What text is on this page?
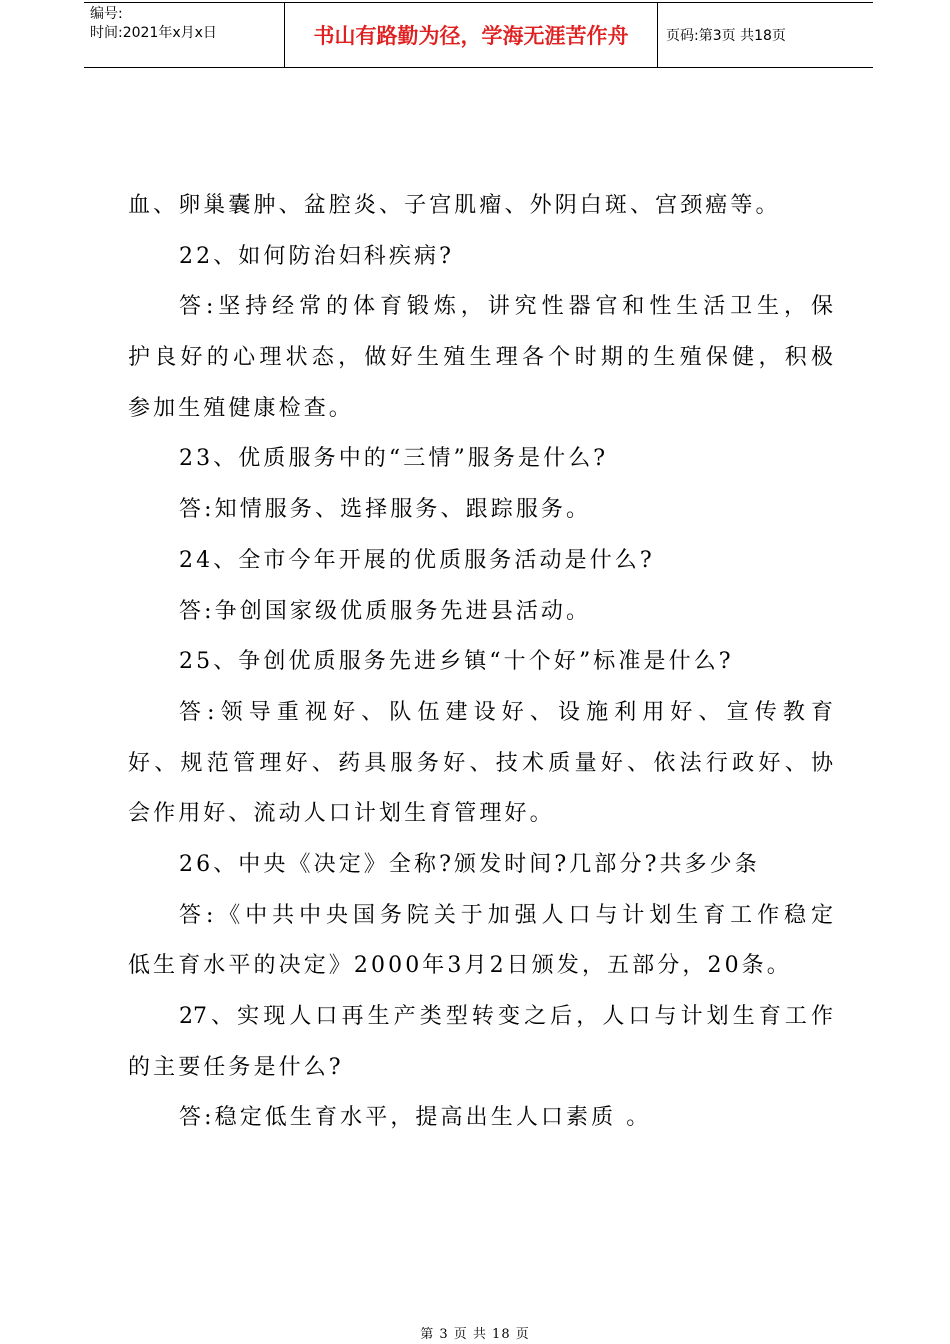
编号:
时间:2021年x月x日	书山有路勤为径，学海无涯苦作舟	页码:第3页 共18页
血、卵巢囊肿、盆腔炎、子宫肌瘤、外阴白斑、宫颈癌等。
22、如何防治妇科疾病?
答:坚持经常的体育锻炼，讲究性器官和性生活卫生，保
护良好的心理状态，做好生殖生理各个时期的生殖保健，积极
参加生殖健康检查。
23、优质服务中的“三情”服务是什么?
答:知情服务、选择服务、跟踪服务。
24、全市今年开展的优质服务活动是什么?
答:争创国家级优质服务先进县活动。
25、争创优质服务先进乡镇“十个好”标准是什么?
答:领导重视好、队伍建设好、设施利用好、宣传教育
好、规范管理好、药具服务好、技术质量好、依法行政好、协
会作用好、流动人口计划生育管理好。
26、中央《决定》全称?颁发时间?几部分?共多少条
答:《中共中央国务院关于加强人口与计划生育工作稳定
低生育水平的决定》2000年3月2日颁发，五部分，20条。
27、实现人口再生产类型转变之后，人口与计划生育工作
的主要任务是什么?
答:稳定低生育水平，提高出生人口素质 。
第 3 页 共 18 页
